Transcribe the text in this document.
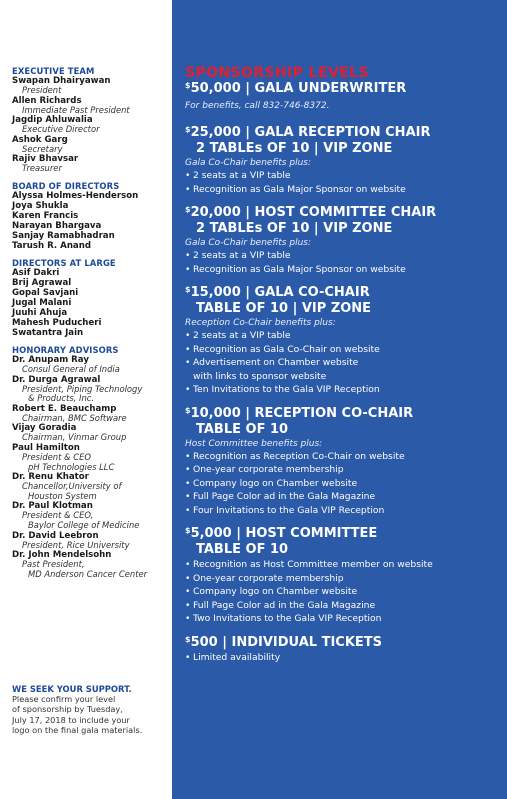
EXECUTIVE TEAM
Swapan Dhairyawan
President
Allen Richards
Immediate Past President
Jagdip Ahluwalia
Executive Director
Ashok Garg
Secretary
Rajiv Bhavsar
Treasurer
BOARD OF DIRECTORS
Alyssa Holmes-Henderson
Joya Shukla
Karen Francis
Narayan Bhargava
Sanjay Ramabhadran
Tarush R. Anand
DIRECTORS AT LARGE
Asif Dakri
Brij Agrawal
Gopal Savjani
Jugal Malani
Juuhi Ahuja
Mahesh Puducheri
Swatantra Jain
HONORARY ADVISORS
Dr. Anupam Ray
Consul General of India
Dr. Durga Agrawal
President, Piping Technology
& Products, Inc.
Robert E. Beauchamp
Chairman, BMC Software
Vijay Goradia
Chairman, Vinmar Group
Paul Hamilton
President & CEO
pH Technologies LLC
Dr. Renu Khator
Chancellor,University of
Houston System
Dr. Paul Klotman
President & CEO,
Baylor College of Medicine
Dr. David Leebron
President, Rice University
Dr. John Mendelsohn
Past President,
MD Anderson Cancer Center
WE SEEK YOUR SUPPORT.
Please confirm your level
of sponsorship by Tuesday,
July 17, 2018 to include your
logo on the final gala materials.
SPONSORSHIP LEVELS
$50,000 | GALA UNDERWRITER
For benefits, call 832-746-8372.
$25,000 | GALA RECEPTION CHAIR
2 TABLEs OF 10 | VIP ZONE
Gala Co-Chair benefits plus:
• 2 seats at a VIP table
• Recognition as Gala Major Sponsor on website
$20,000 | HOST COMMITTEE CHAIR
2 TABLEs OF 10 | VIP ZONE
Gala Co-Chair benefits plus:
• 2 seats at a VIP table
• Recognition as Gala Major Sponsor on website
$15,000 | GALA CO-CHAIR
TABLE OF 10 | VIP ZONE
Reception Co-Chair benefits plus:
• 2 seats at a VIP table
• Recognition as Gala Co-Chair on website
• Advertisement on Chamber website
with links to sponsor website
• Ten Invitations to the Gala VIP Reception
$10,000 | RECEPTION CO-CHAIR
TABLE OF 10
Host Committee benefits plus:
• Recognition as Reception Co-Chair on website
• One-year corporate membership
• Company logo on Chamber website
• Full Page Color ad in the Gala Magazine
• Four Invitations to the Gala VIP Reception
$5,000 | HOST COMMITTEE
TABLE OF 10
• Recognition as Host Committee member on website
• One-year corporate membership
• Company logo on Chamber website
• Full Page Color ad in the Gala Magazine
• Two Invitations to the Gala VIP Reception
$500 | INDIVIDUAL TICKETS
• Limited availability
